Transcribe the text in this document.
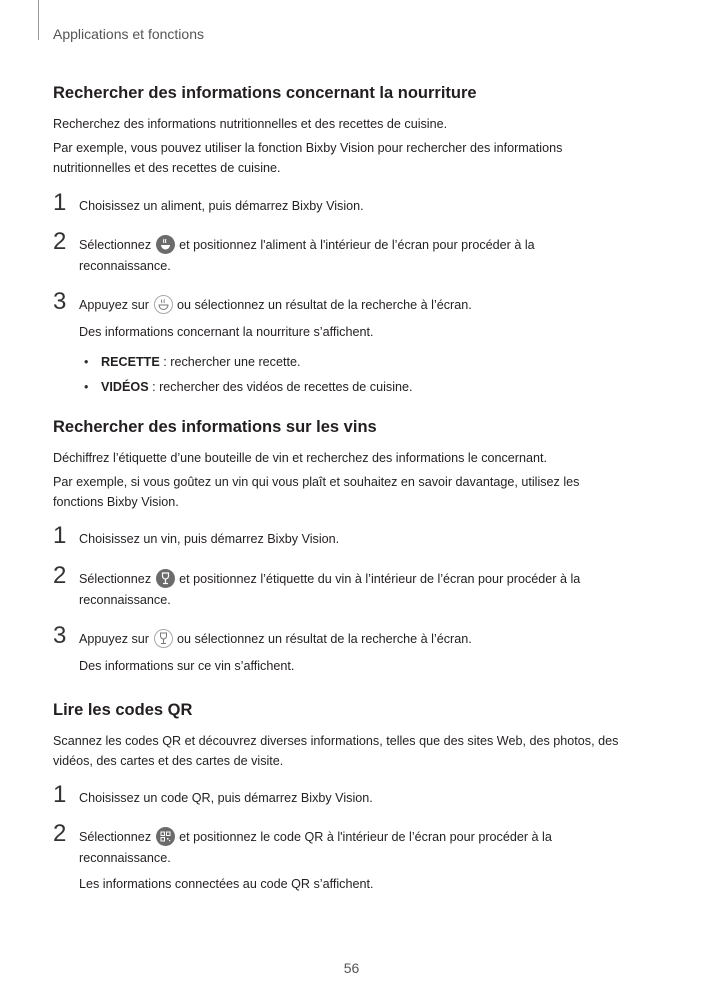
Applications et fonctions
Rechercher des informations concernant la nourriture
Recherchez des informations nutritionnelles et des recettes de cuisine.
Par exemple, vous pouvez utiliser la fonction Bixby Vision pour rechercher des informations
nutritionnelles et des recettes de cuisine.
1 Choisissez un aliment, puis démarrez Bixby Vision.
2 Sélectionnez et positionnez l'aliment à l'intérieur de l’écran pour procéder à la
reconnaissance.
3 Appuyez sur ou sélectionnez un résultat de la recherche à l’écran.
Des informations concernant la nourriture s’affichent.
• RECETTE : rechercher une recette.
• VIDÉOS : rechercher des vidéos de recettes de cuisine.
Rechercher des informations sur les vins
Déchiffrez l’étiquette d’une bouteille de vin et recherchez des informations le concernant.
Par exemple, si vous goûtez un vin qui vous plaît et souhaitez en savoir davantage, utilisez les
fonctions Bixby Vision.
1 Choisissez un vin, puis démarrez Bixby Vision.
2 Sélectionnez et positionnez l’étiquette du vin à l’intérieur de l’écran pour procéder à la
reconnaissance.
3 Appuyez sur ou sélectionnez un résultat de la recherche à l’écran.
Des informations sur ce vin s’affichent.
Lire les codes QR
Scannez les codes QR et découvrez diverses informations, telles que des sites Web, des photos, des
vidéos, des cartes et des cartes de visite.
1 Choisissez un code QR, puis démarrez Bixby Vision.
2 Sélectionnez et positionnez le code QR à l'intérieur de l’écran pour procéder à la
reconnaissance.
Les informations connectées au code QR s’affichent.
56
